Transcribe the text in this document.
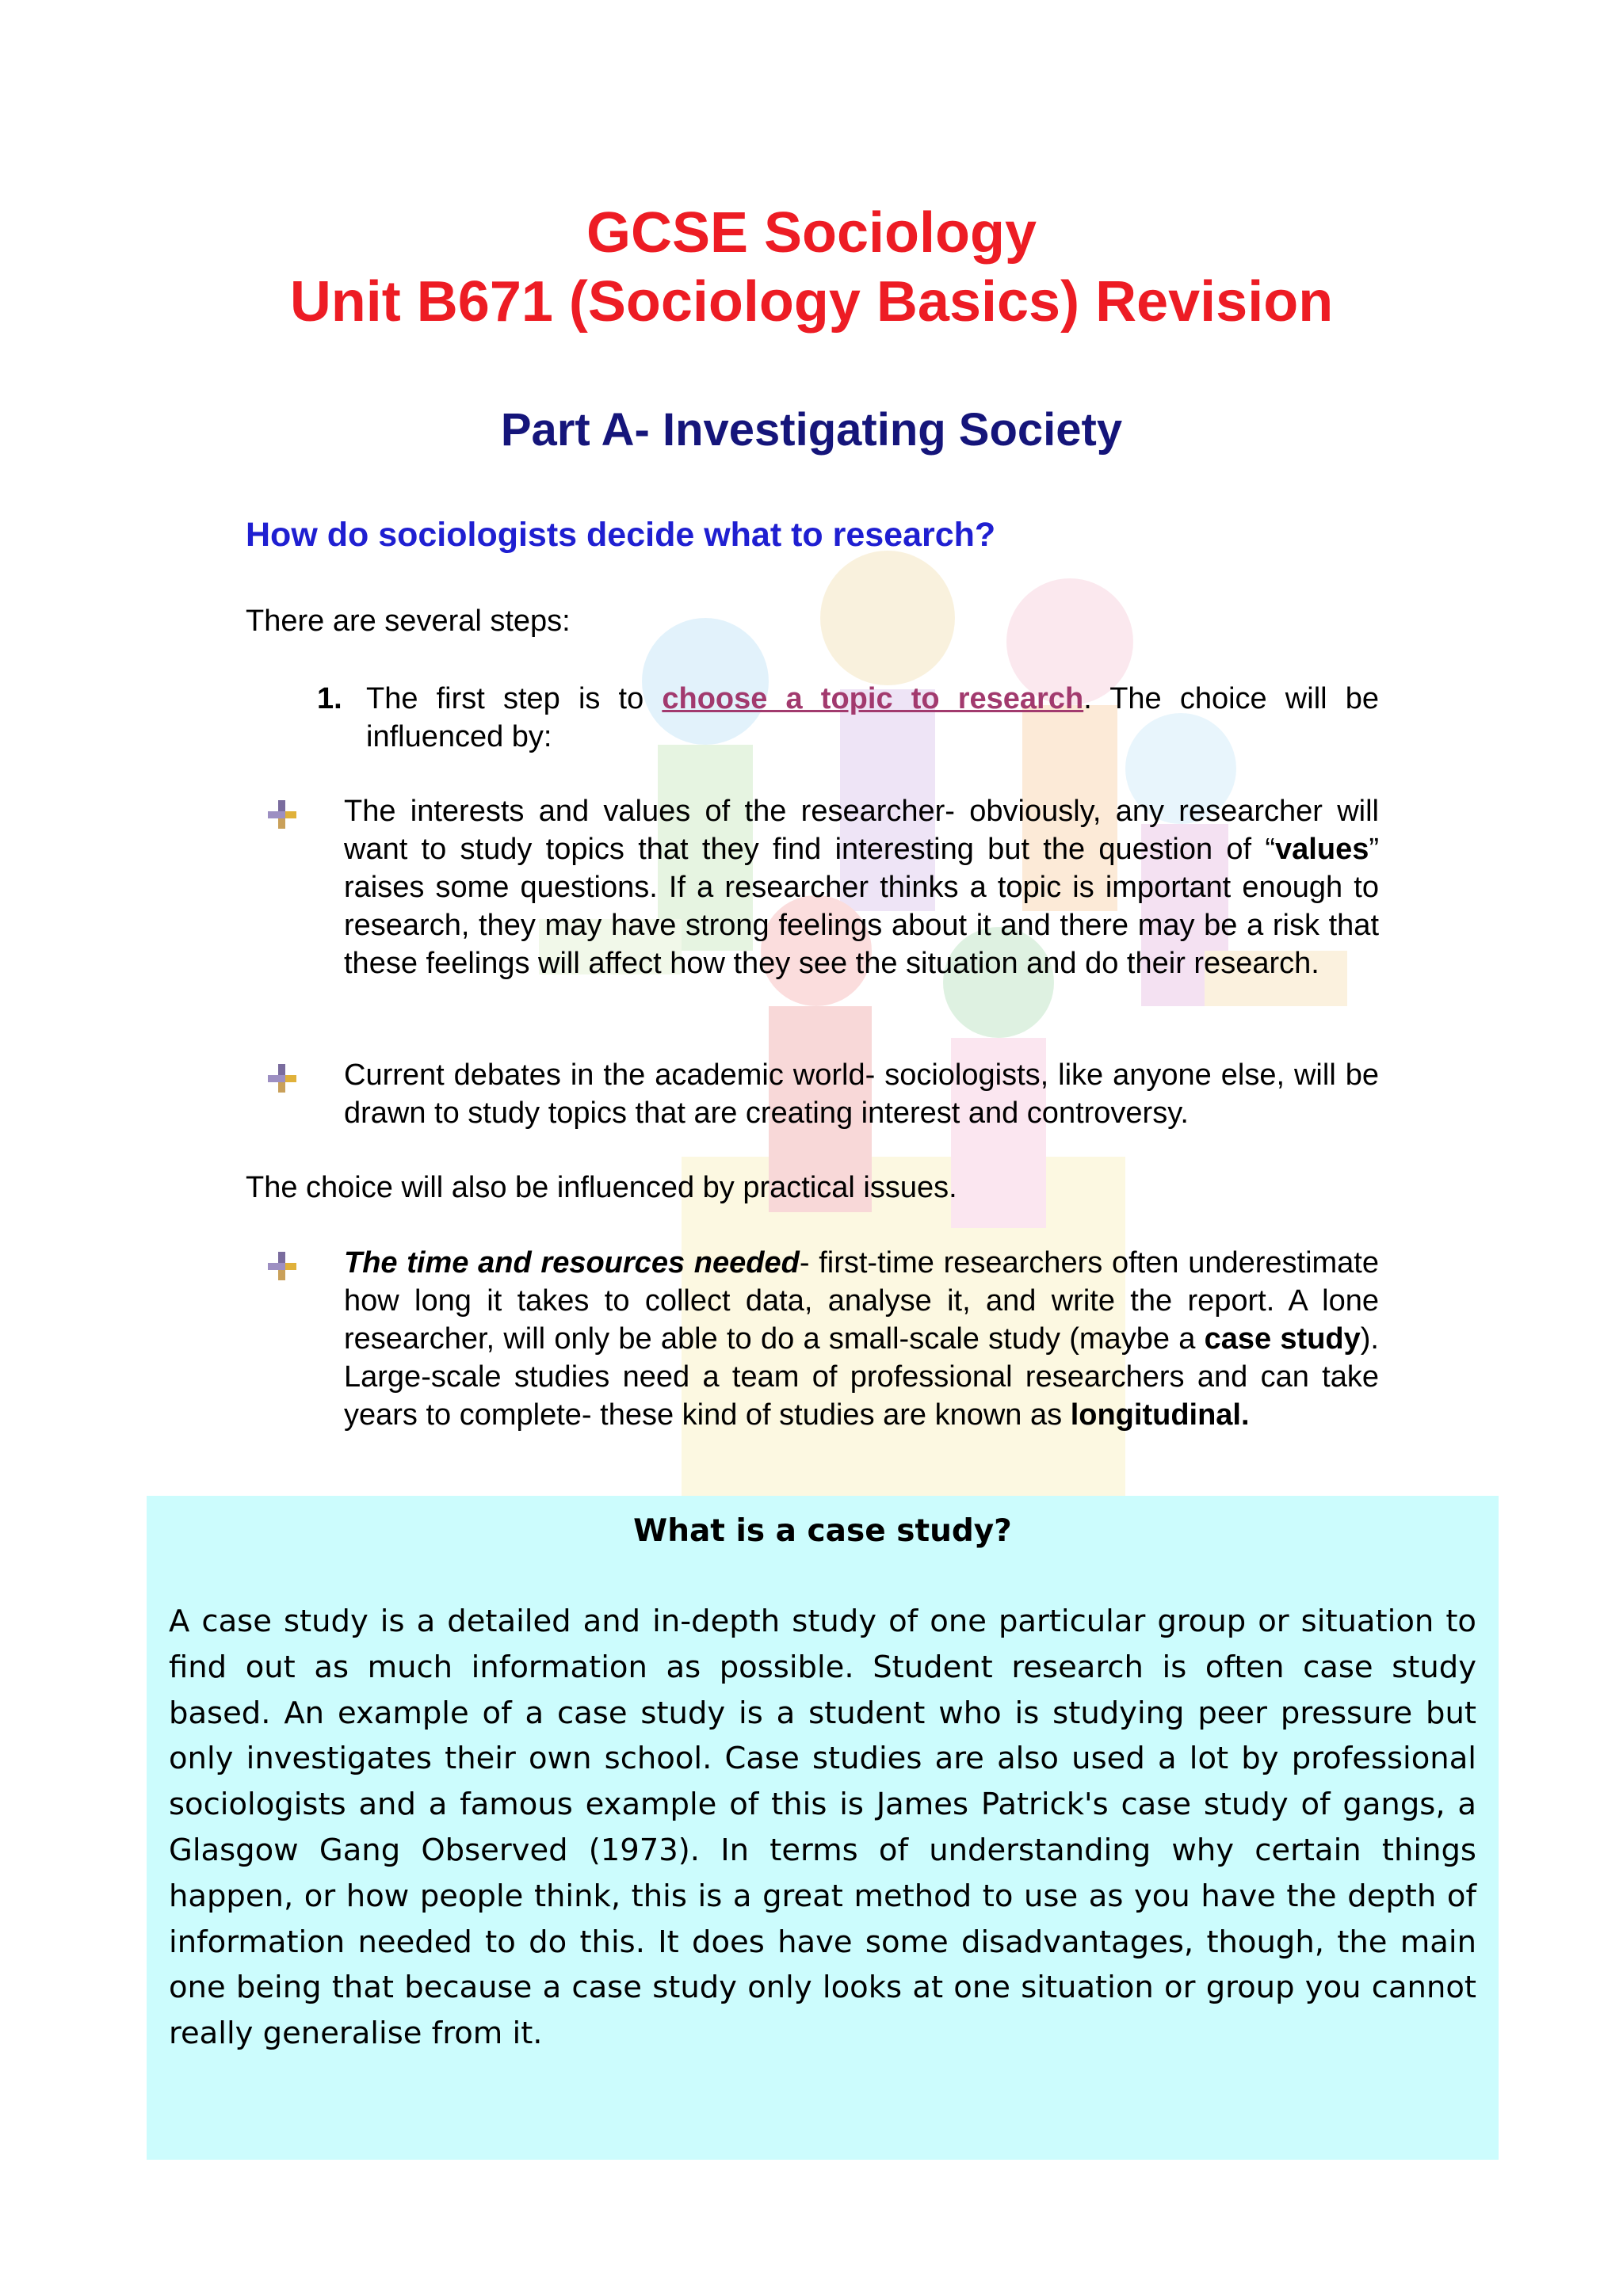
GCSE Sociology
Unit B671 (Sociology Basics) Revision
Part A- Investigating Society
How do sociologists decide what to research?
There are several steps:
1. The first step is to choose a topic to research. The choice will be influenced by:
The interests and values of the researcher- obviously, any researcher will want to study topics that they find interesting but the question of “values” raises some questions. If a researcher thinks a topic is important enough to research, they may have strong feelings about it and there may be a risk that these feelings will affect how they see the situation and do their research.
Current debates in the academic world- sociologists, like anyone else, will be drawn to study topics that are creating interest and controversy.
The choice will also be influenced by practical issues.
The time and resources needed- first-time researchers often underestimate how long it takes to collect data, analyse it, and write the report. A lone researcher, will only be able to do a small-scale study (maybe a case study). Large-scale studies need a team of professional researchers and can take years to complete- these kind of studies are known as longitudinal.
What is a case study?
A case study is a detailed and in-depth study of one particular group or situation to find out as much information as possible. Student research is often case study based. An example of a case study is a student who is studying peer pressure but only investigates their own school. Case studies are also used a lot by professional sociologists and a famous example of this is James Patrick's case study of gangs, a Glasgow Gang Observed (1973). In terms of understanding why certain things happen, or how people think, this is a great method to use as you have the depth of information needed to do this. It does have some disadvantages, though, the main one being that because a case study only looks at one situation or group you cannot really generalise from it.
